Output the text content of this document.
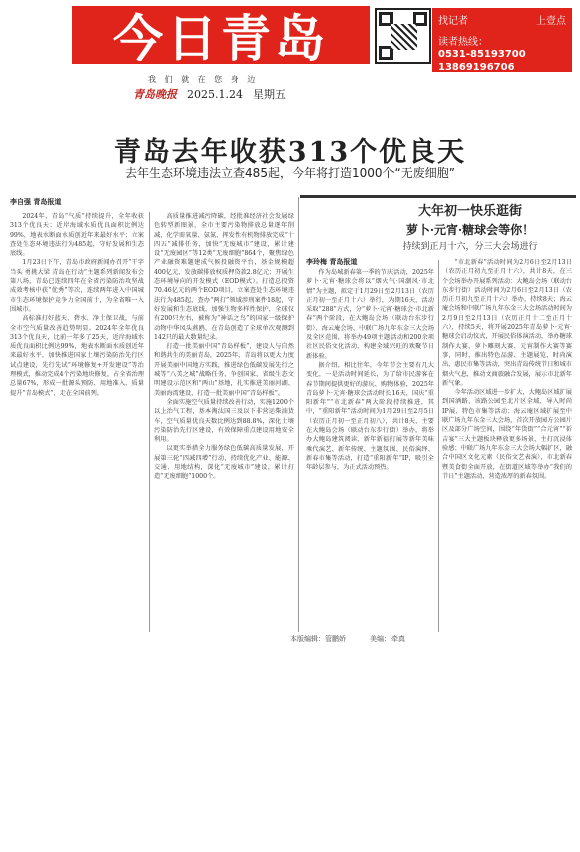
今日青岛	找记者	上壹点
读者热线：
0531-85193700
13869196706
我 们 就 在 您 身 边
青岛晚报 2025.1.24 星期五
青岛去年收获313个优良天
去年生态环境违法立查485起，今年将打造1000个“无废细胞”
李自强 青岛报道

2024年，青岛“气质”持续提升，全年收获313个优良天；近岸海域水质优良面积比例达99%，地表水断面水质创近年来最好水平；立案查处生态环境违法行为485起，守好发展和生态底线。

1月23日下午，青岛市政府新闻办召开“干字当头 勇挑大梁 青岛在行动”主题系列新闻发布会第八场，青岛已连续四年在全省污染防治攻坚战成效考核中获“优秀”等次，连续两年进入中国城市生态环境保护竞争力全国前十，为全省唯一入围城市。

高标准打好蓝天、碧水、净土保卫战，与前全市空气质量改善趋势明显。2024年全年优良313个优良天，比前一年多了25天，近岸海域水质优良面积比例达99%，地表水断面水质创近年来最好水平，加快推进国家土壤污染防治先行区试点建设，先行先试“环境修复+开发建设”等治理模式，推动完成4个污染地块修复，占全省治理总量67%，形成一批源头预防、用地准入、质量提升“青岛模式”，走在全国前列。

高质量推进减污降碳，经批准经济社会发展绿色转型新图景，全市主要污染物排放总量逐年削减，化学需氧量、氨氮、挥发性有机物排放完成“十四五”减排任务，加快“无废城市”建设，累计建设“无废园区”等12类“无废细胞”864个，聚焦绿色产业融资难题建成气候投融资平台，基金规模超400亿元，发放碳排放权质押贷款2.8亿元；开展生态环境导向的开发模式（EOD模式）。打造总投资70.46亿元的两个EOD项目，立案查处生态环境违法行为485起，查办“两打”领域涉刑案件18起，守好发展和生态底线，加强生物多样性保护，全球仅有200只左右，被称为“神话之鸟”的国家一级保护动物中华凤头燕鸥，在青岛创造了全球单次观测到142只的最大数量纪录。

打造一批美丽中国“青岛样板”，建设人与自然和谐共生的美丽青岛，2025年，青岛将以更大力度开展美丽中国地方实践，推进绿色低碳发展先行之城等“八美之城”战略任务，争创国家、省级生态文明建设示范区和“两山”基地，扎实推进美丽河湖、美丽海湾建设，打造一批美丽中国“青岛样板”。

全面实施空气质量持续改善行动，实施1200个以上治气工程，基本淘汰国三及以下非营运柴油货车，空气质量优良天数比例达到88.8%，深化土壤污染防治先行区建设，有效保障重点建设用地安全利用。

以更实举措全力服务绿色低碳高质量发展，开展第三轮“四减四增”行动，持续优化产业、能源、交通、用地结构，深化“无废城市”建设，累计打造“无废细胞”1000个。

大年初一快乐逛街
萝卜·元宵·糖球会等你！
持续到正月十六，分三大会场进行
李玲梅 青岛报道

作为岛城新春第一季的节庆活动，2025年萝卜·元宵·糖球会将以“烟火气·国潮风·市北情”为主题，拟定于1月29日至2月13日（农历正月初一至正月十六）举行，为期16天，活动采取“288”方式，分“萝卜·元宵·糖球会·市北新春”两个阶段，在大鲍岛会场（联动台东步行街）、海云庵会场、中联广场九年东金三大会场及全区范围，将举办49项主题活动和200余项社区民俗文化活动，构建全域兴旺的欢聚节日新体验。

据介绍，相比往年，今年节会主要有几大变化，一是活动时间延长，为了给市民游客在春节期间提供更好的游玩、购物体验，2025年青岛萝卜·元宵·糖球会活动时长16天，国庆“重阳新年”“市北新春”两大阶段持续推进，其中，“重阳新年”活动时间为1月29日至2月5日（农历正月初一至正月初八），共计8天，主要在大鲍岛会场（联动台东步行街）举办，将举办大鲍岛建筑阅读、新年新福打展等新年美味乘代演艺、新年传统、主题氛围、民俗演绎、新春市集等活动，打造“重阳新年”IP，吸引全年龄层参与，为正式活动预热。

“市北新春”活动时间为2月6日至2月13日（农历正月初九至正月十六），共计8天，在三个会场举办开展系列活动：大鲍岛会场（联动台东步行街）活动时间为2月6日至2月13日（农历正月初九至正月十六）举办，持续8天；海云庵会场和中联广场九年东金三大会场活动时间为2月9日至2月13日（农历正月十二至正月十六），持续5天，将开展2025年青岛萝卜·元宵·糖球会启动仪式，开展民俗体演活动，举办糖球制作大赛、萝卜雕刻大赛、元宵制作大赛等赛事，同时，推出特色品游、主题展览，时尚演出、惠民市集等活动，突出青岛传统节日和城市烟火气息，推动文商旅融合发展，展示市北新年新气象。

今年活动区域进一步扩大，大鲍岛区域扩展到国酒路，该路公园至北片区全域，导入时尚IP展、特色市集等活动；海云庵区域扩展至中联广场九年东金三大会场，首次开放园方公园片区及部分广场空间，围绕“年货街”“合元宵”“祈吉宴”三大主题板块释放更多场景，主打沉浸体验感；中联广场九年东金三大会场大幅扩区，融合中国区文化元素（民俗文艺表演），市北新春暨美食街全面开放，在街道区域等举办“我们的节日”主题活动，营造浓厚的新春氛围。

本版编辑：管鹏娇	美编：牵真
